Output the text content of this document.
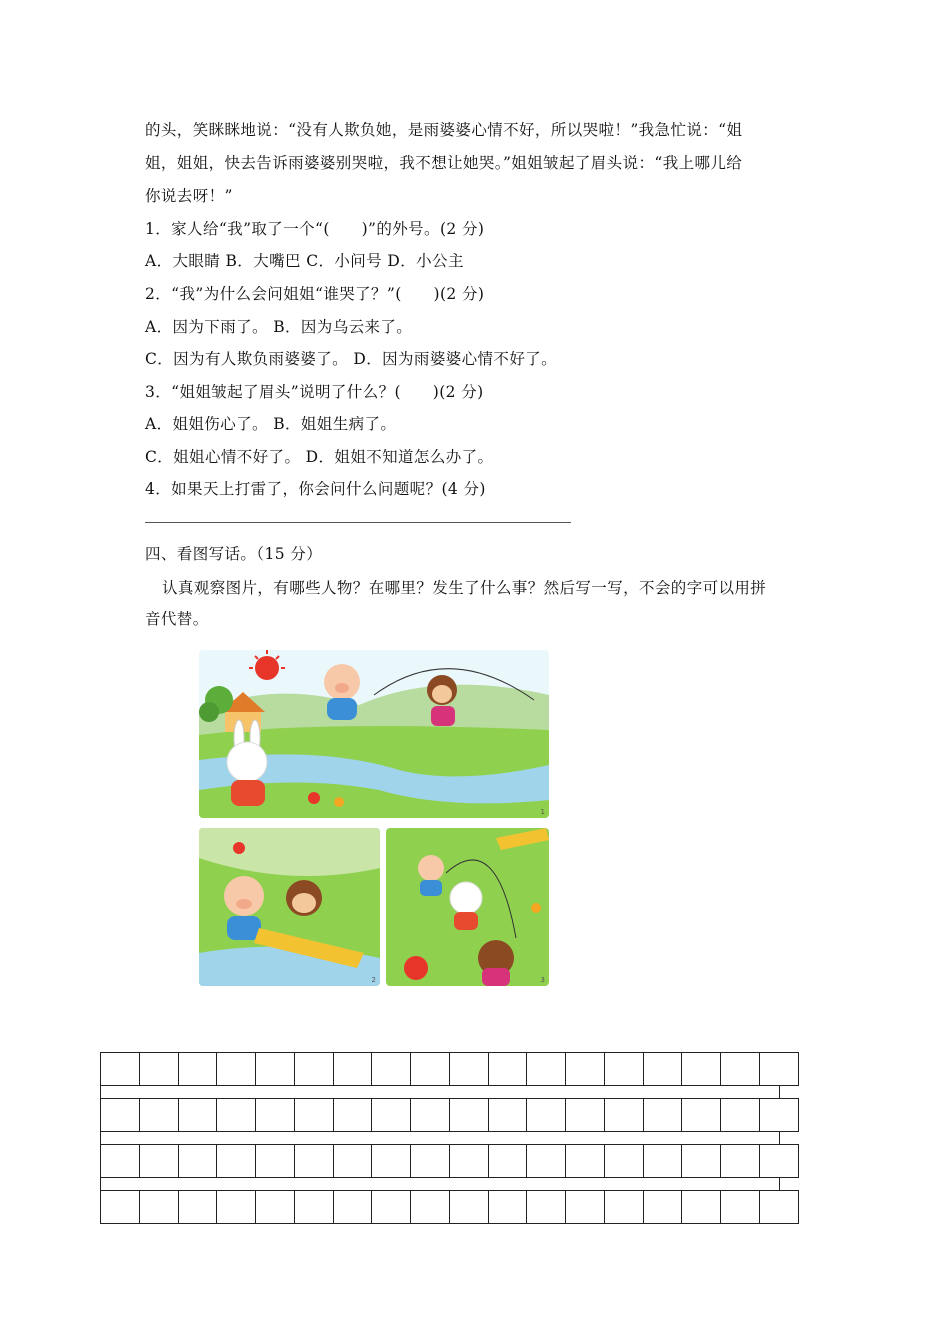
的头，笑眯眯地说：“没有人欺负她，是雨婆婆心情不好，所以哭啦！”我急忙说：“姐
姐，姐姐，快去告诉雨婆婆别哭啦，我不想让她哭。”姐姐皱起了眉头说：“我上哪儿给
你说去呀！”
1．家人给“我”取了一个“(　　)”的外号。(2 分)
A．大眼睛 B．大嘴巴 C．小问号 D．小公主
2．“我”为什么会问姐姐“谁哭了？”(　　)(2 分)
A．因为下雨了。 B．因为乌云来了。
C．因为有人欺负雨婆婆了。 D．因为雨婆婆心情不好了。
3．“姐姐皱起了眉头”说明了什么？(　　)(2 分)
A．姐姐伤心了。 B．姐姐生病了。
C．姐姐心情不好了。 D．姐姐不知道怎么办了。
4．如果天上打雷了，你会问什么问题呢？(4 分)
四、看图写话。（15 分）
认真观察图片，有哪些人物？在哪里？发生了什么事？然后写一写，不会的字可以用拼
音代替。
1
2	3
